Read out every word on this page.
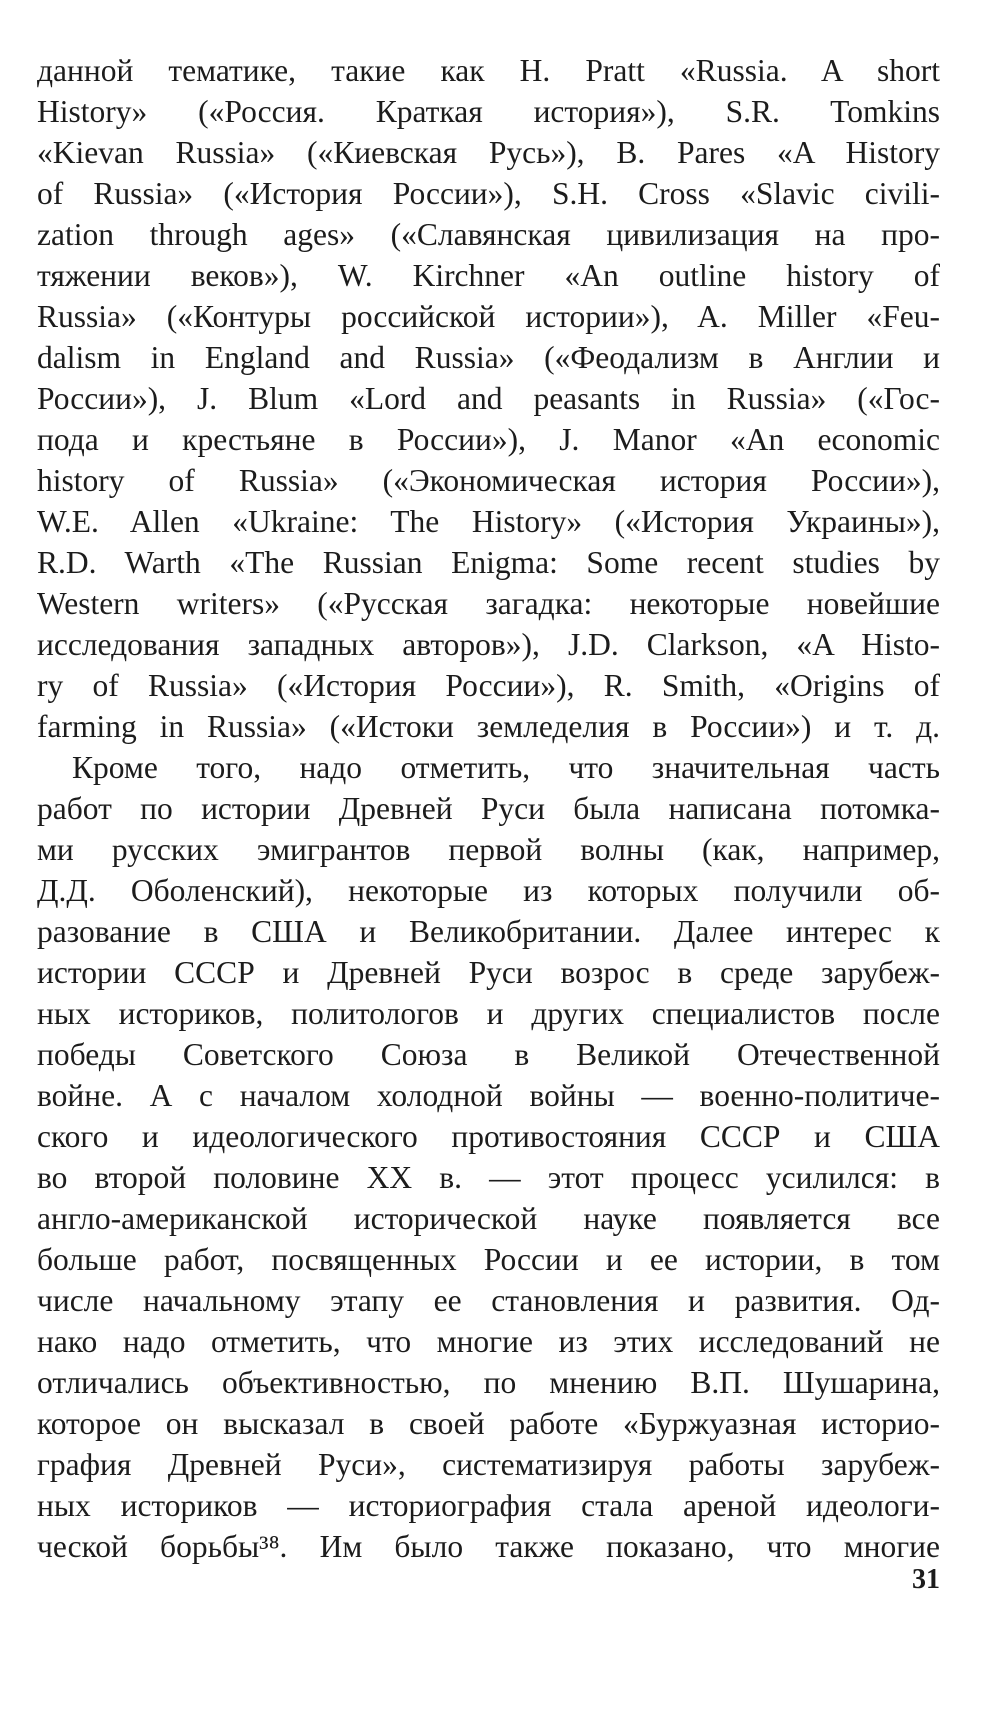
данной тематике, такие как H. Pratt «Russia. A short
History» («Россия. Краткая история»), S.R. Tomkins
«Kievan Russia» («Киевская Русь»), B. Pares «A History
of Russia» («История России»), S.H. Cross «Slavic civili-
zation through ages» («Славянская цивилизация на про-
тяжении веков»), W. Kirchner «An outline history of
Russia» («Контуры российской истории»), A. Miller «Feu-
dalism in England and Russia» («Феодализм в Англии и
России»), J. Blum «Lord and peasants in Russia» («Гос-
пода и крестьяне в России»), J. Manor «An economic
history of Russia» («Экономическая история России»),
W.E. Allen «Ukraine: The History» («История Украины»),
R.D. Warth «The Russian Enigma: Some recent studies by
Western writers» («Русская загадка: некоторые новейшие
исследования западных авторов»), J.D. Clarkson, «A Histo-
ry of Russia» («История России»), R. Smith, «Origins of
farming in Russia» («Истоки земледелия в России») и т. д.
Кроме того, надо отметить, что значительная часть
работ по истории Древней Руси была написана потомка-
ми русских эмигрантов первой волны (как, например,
Д.Д. Оболенский), некоторые из которых получили об-
разование в США и Великобритании. Далее интерес к
истории СССР и Древней Руси возрос в среде зарубеж-
ных историков, политологов и других специалистов после
победы Советского Союза в Великой Отечественной
войне. А с началом холодной войны — военно-политиче-
ского и идеологического противостояния СССР и США
во второй половине XX в. — этот процесс усилился: в
англо-американской исторической науке появляется все
больше работ, посвященных России и ее истории, в том
числе начальному этапу ее становления и развития. Од-
нако надо отметить, что многие из этих исследований не
отличались объективностью, по мнению В.П. Шушарина,
которое он высказал в своей работе «Буржуазная историо-
графия Древней Руси», систематизируя работы зарубеж-
ных историков — историография стала ареной идеологи-
ческой борьбы³⁸. Им было также показано, что многие
31
